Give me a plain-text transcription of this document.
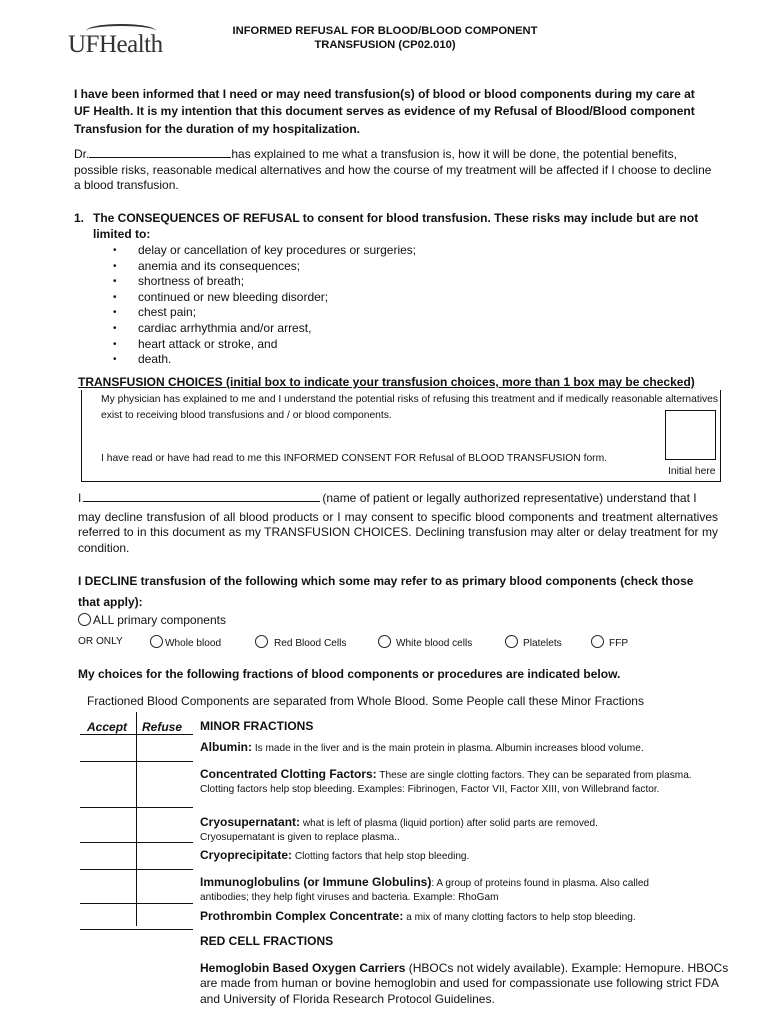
UFHealth	INFORMED REFUSAL FOR BLOOD/BLOOD COMPONENT
TRANSFUSION (CP02.010)
I have been informed that I need or may need transfusion(s) of blood or blood components during my care at UF Health. It is my intention that this document serves as evidence of my Refusal of Blood/Blood component Transfusion for the duration of my hospitalization.
Dr.	has explained to me what a transfusion is, how it will be done, the potential benefits, possible risks, reasonable medical alternatives and how the course of my treatment will be affected if I choose to decline a blood transfusion.
1. The CONSEQUENCES OF REFUSAL to consent for blood transfusion. These risks may include but are not limited to:
• delay or cancellation of key procedures or surgeries;
• anemia and its consequences;
• shortness of breath;
• continued or new bleeding disorder;
• chest pain;
• cardiac arrhythmia and/or arrest,
• heart attack or stroke, and
• death.
TRANSFUSION CHOICES (initial box to indicate your transfusion choices, more than 1 box may be checked)
My physician has explained to me and I understand the potential risks of refusing this treatment and if medically reasonable alternatives exist to receiving blood transfusions and / or blood components.
I have read or have had read to me this INFORMED CONSENT FOR Refusal of BLOOD TRANSFUSION form.
Initial here
I	(name of patient or legally authorized representative) understand that I
may decline transfusion of all blood products or I may consent to specific blood components and treatment alternatives referred to in this document as my TRANSFUSION CHOICES. Declining transfusion may alter or delay treatment for my condition.
I DECLINE transfusion of the following which some may refer to as primary blood components (check those that apply):
ALL primary components
OR ONLY	Whole blood	Red Blood Cells	White blood cells	Platelets	FFP
My choices for the following fractions of blood components or procedures are indicated below.
Fractioned Blood Components are separated from Whole Blood. Some People call these Minor Fractions
Accept Refuse MINOR FRACTIONS
Albumin: Is made in the liver and is the main protein in plasma. Albumin increases blood volume.
Concentrated Clotting Factors: These are single clotting factors. They can be separated from plasma. Clotting factors help stop bleeding. Examples: Fibrinogen, Factor VII, Factor XIII, von Willebrand factor.
Cryosupernatant: what is left of plasma (liquid portion) after solid parts are removed. Cryosupernatant is given to replace plasma..
Cryoprecipitate: Clotting factors that help stop bleeding.
Immunoglobulins (or Immune Globulins): A group of proteins found in plasma. Also called antibodies; they help fight viruses and bacteria. Example: RhoGam
Prothrombin Complex Concentrate: a mix of many clotting factors to help stop bleeding.
RED CELL FRACTIONS
Hemoglobin Based Oxygen Carriers (HBOCs not widely available). Example: Hemopure. HBOCs are made from human or bovine hemoglobin and used for compassionate use following strict FDA and University of Florida Research Protocol Guidelines.
